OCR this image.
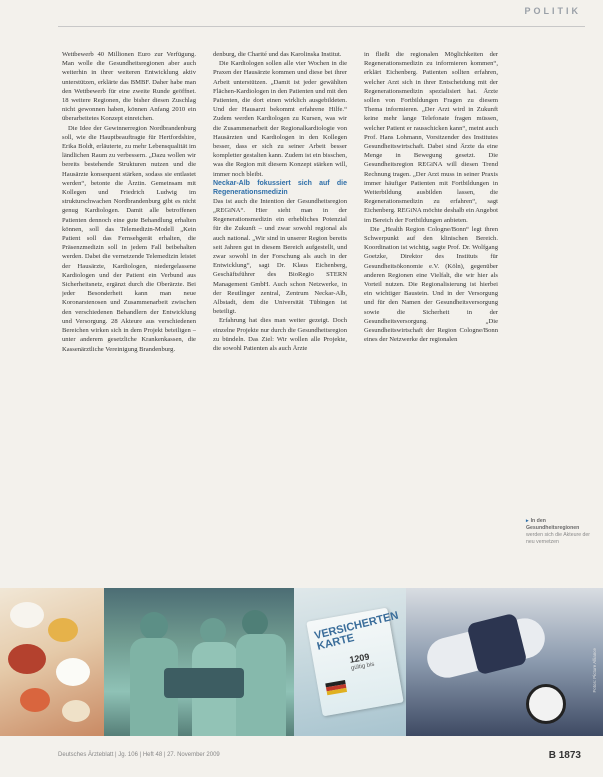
POLITIK

Wettbewerb 40 Millionen Euro zur Verfügung. Man wolle die Gesundheitsregionen aber auch weiterhin in ihrer weiteren Entwicklung aktiv unterstützen, erklärte das BMBF. Daher habe man den Wettbewerb für eine zweite Runde geöffnet. 18 weitere Regionen, die bisher diesen Zuschlag nicht gewonnen haben, können Anfang 2010 ein überarbeitetes Konzept einreichen.

Die Idee der Gewinnerregion Nordbrandenburg soll, wie die Hauptbeauftragte für Hertfordshire, Erika Boldt, erläuterte, zu mehr Lebensqualität im ländlichen Raum zu verbessern. „Dazu wollen wir bereits bestehende Strukturen nutzen und die Hausärzte konsequent stärken, sodass sie entlastet werden“, betonte die Ärztin. Gemeinsam mit Kollegen und Friedrich Ludwig im strukturschwachen Nordbrandenburg gibt es nicht genug Kardiologen. Damit alle betroffenen Patienten dennoch eine gute Behandlung erhalten können, soll das Telemedizin-Modell „Kein Patient soll das Fernsehgerät erhalten, die Präsenzmedizin soll in jedem Fall beibehalten werden. Dabei die vernetzende Telemedizin leistet der Hausärzte, Kardiologen, niedergelassene Kardiologen und der Patient ein Verbund aus Sicherheitsnetz, ergänzt durch die Oberärzte. Bei jeder Besonderheit kann man neue Koronarstenosen und Zusammenarbeit zwischen den verschiedenen Behandlern der Entwicklung und Versorgung. 28 Akteure aus verschiedenen Bereichen wirken sich in dem Projekt beteiligen – unter anderem gesetzliche Krankenkassen, die Kassenärztliche Vereinigung Brandenburg.

denburg, die Charité und das Karolinska Institut.

Die Kardiologen sollen alle vier Wochen in die Praxen der Hausärzte kommen und diese bei ihrer Arbeit unterstützen. „Damit ist jeder gewählten Flächen-Kardiologen in den Patienten und mit den Patienten, die dort einen wirklich ausgebildeten. Und der Hausarzt bekommt erfahrene Hilfe.“ Zudem werden Kardiologen zu Kursen, was wir die Zusammenarbeit der Regionalkardiologie von Hausärzten und Kardiologen in den Kollegen besser, dass er sich zu seiner Arbeit besser kompletter gestalten kann. Zudem ist ein bisschen, was die Region mit diesem Konzept stärken will, immer noch bleibt.

Neckar-Alb fokussiert sich auf die Regenerationsmedizin

Das ist auch die Intention der Gesundheitsregion „REGiNA“. Hier sieht man in der Regenerationsmedizin ein erhebliches Potenzial für die Zukunft – und zwar sowohl regional als auch national. „Wir sind in unserer Region bereits seit Jahren gut in diesem Bereich aufgestellt, und zwar sowohl in der Forschung als auch in der Entwicklung“, sagt Dr. Klaus Eichenberg, Geschäftsführer des BioRegio STERN Management GmbH. Auch schon Netzwerke, in der Reutlinger zentral, Zentrum Neckar-Alb, Albstadt, dem die Universität Tübingen ist beteiligt.

Erfahrung hat dies man weiter gezeigt. Doch einzelne Projekte nur durch die Gesundheitsregion zu bündeln. Das Ziel: Wir wollen alle Projekte, die sowohl Patienten als auch Ärzte

in fließt die regionalen Möglichkeiten der Regenerationsmedizin zu informieren kommen“, erklärt Eichenberg. Patienten sollten erfahren, welcher Arzt sich in ihrer Entscheidung mit der Regenerationsmedizin spezialisiert hat. Ärzte sollen von Fortbildungen Fragen zu diesem Thema informieren. „Der Arzt wird in Zukunft keine mehr lange Telefonate fragen müssen, welcher Patient er rausschicken kann“, meint auch Prof. Hans Lohmann, Vorsitzender des Institutes Gesundheitswirtschaft. Dabei sind Ärzte da eine Menge in Bewegung gesetzt. Die Gesundheitsregion REGiNA will diesen Trend Rechnung tragen. „Der Arzt muss in seiner Praxis immer häufiger Patienten mit Fortbildungen in Weiterbildung ausbilden lassen, die Regenerationsmedizin zu erfahren“, sagt Eichenberg. REGiNA möchte deshalb ein Angebot im Bereich der Fortbildungen anbieten.

Die „Health Region Cologne/Bonn“ legt ihren Schwerpunkt auf den klinischen Bereich. Koordination ist wichtig, sagte Prof. Dr. Wolfgang Goetzke, Direktor des Instituts für Gesundheitsökonomie e.V. (Köln), gegenüber anderen Regionen eine Vielfalt, die wir hier als Vorteil nutzen. Die Regionalisierung ist hierbei ein wichtiger Baustein. Und in der Versorgung und für den Namen der Gesundheitsversorgung sowie die Sicherheit in der Gesundheitsversorgung. „Die Gesundheitswirtschaft der Region Cologne/Bonn eines der Netzwerke der regionalen

▸ In den Gesundheitsregionen werden sich die Akteure der neu vernetzen
VERSICHERTEN KARTE
1209
gültig bis	Fotos: Picture Alliance
Deutsches Ärzteblatt | Jg. 106 | Heft 48 | 27. November 2009	B 1873
